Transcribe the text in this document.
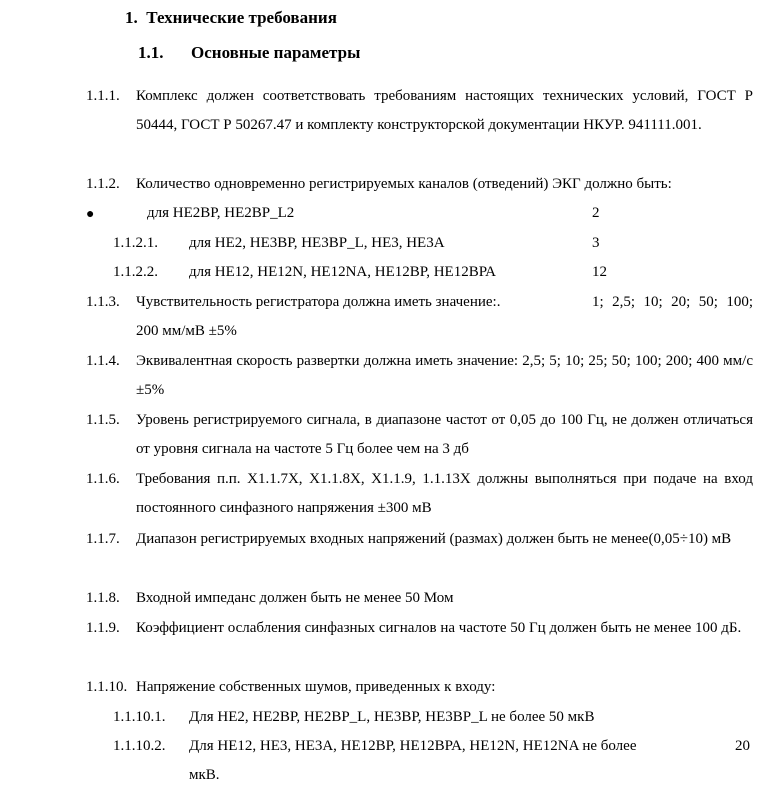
1. Технические требования
1.1. Основные параметры
1.1.1. Комплекс должен соответствовать требованиям настоящих технических условий, ГОСТ Р 50444, ГОСТ Р 50267.47 и комплекту конструкторской документации НКУР. 941111.001.
1.1.2. Количество одновременно регистрируемых каналов (отведений) ЭКГ должно быть:
●	для НЕ2ВР, НЕ2ВР_L2	2
1.1.2.1. для НЕ2, НЕ3ВР, НЕ3ВР_L, НЕ3, НЕ3А	3
1.1.2.2. для НЕ12, НЕ12N, НЕ12NA, НЕ12ВР, НЕ12ВРА	12
1.1.3. Чувствительность регистратора должна иметь значение:.	1; 2,5; 10; 20; 50; 100;
200 мм/мВ ±5%
1.1.4. Эквивалентная скорость развертки должна иметь значение: 2,5; 5; 10; 25; 50; 100; 200; 400 мм/с ±5%
1.1.5. Уровень регистрируемого сигнала, в диапазоне частот от 0,05 до 100 Гц, не должен отличаться от уровня сигнала на частоте 5 Гц более чем на 3 дб
1.1.6. Требования п.п. X1.1.7X, X1.1.8X, X1.1.9, 1.1.13X должны выполняться при подаче на вход постоянного синфазного напряжения ±300 мВ
1.1.7. Диапазон регистрируемых входных напряжений (размах) должен быть не менее(0,05÷10) мВ
1.1.8. Входной импеданс должен быть не менее 50 Мом
1.1.9. Коэффициент ослабления синфазных сигналов на частоте 50 Гц должен быть не менее 100 дБ.
1.1.10. Напряжение собственных шумов, приведенных к входу:
1.1.10.1. Для НЕ2, НЕ2ВР, НЕ2ВР_L, НЕ3ВР, НЕ3ВР_L не более 50 мкВ
1.1.10.2. Для НЕ12, НЕ3, НЕ3А, НЕ12ВР, НЕ12ВРА, НЕ12N, НЕ12NA не более	20
мкВ.
